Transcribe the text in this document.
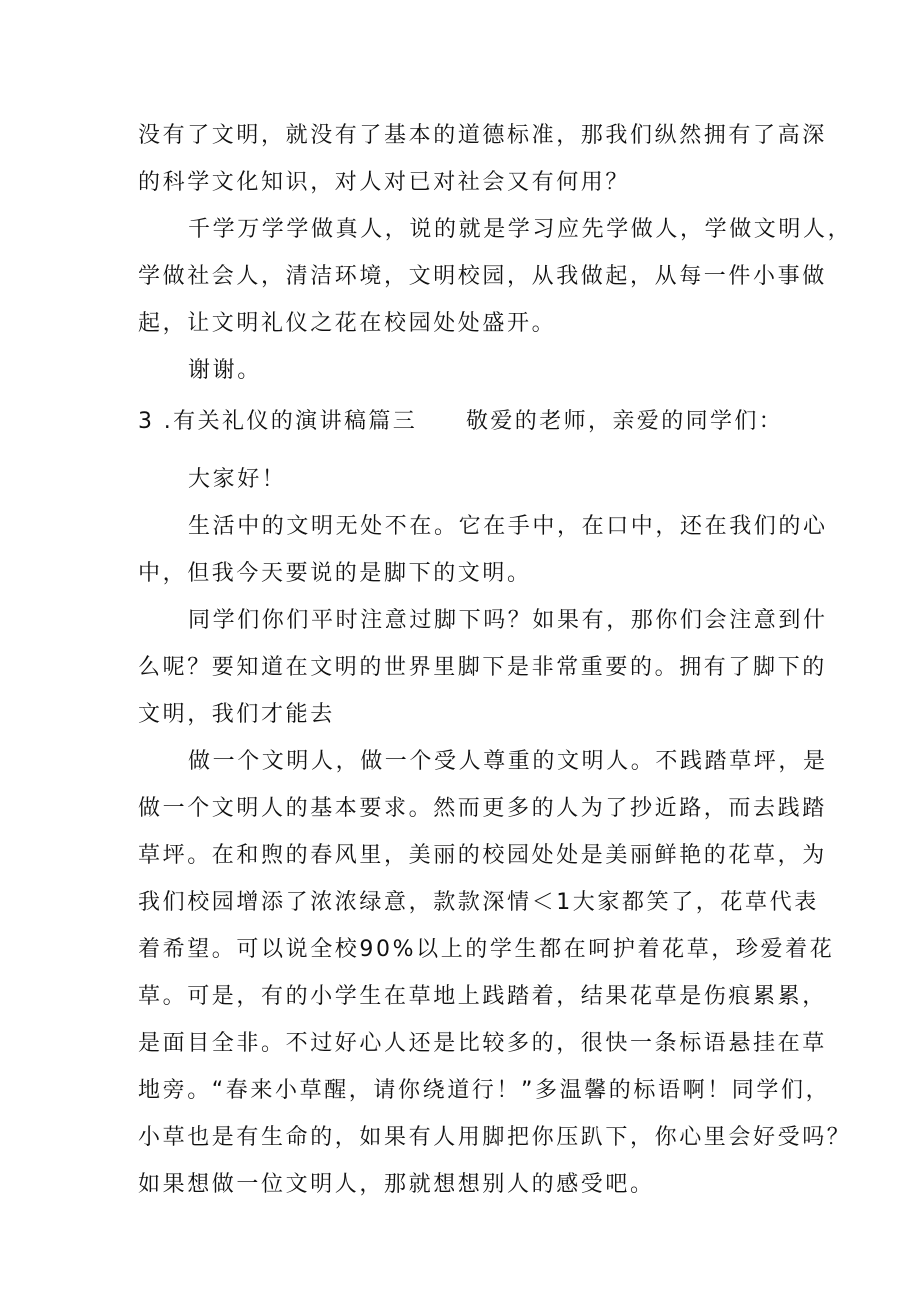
没有了文明，就没有了基本的道德标准，那我们纵然拥有了高深
的科学文化知识，对人对已对社会又有何用？
千学万学学做真人，说的就是学习应先学做人，学做文明人，
学做社会人，清洁环境，文明校园，从我做起，从每一件小事做
起，让文明礼仪之花在校园处处盛开。
谢谢。
3 .有关礼仪的演讲稿篇三	敬爱的老师，亲爱的同学们：
大家好！
生活中的文明无处不在。它在手中，在口中，还在我们的心
中，但我今天要说的是脚下的文明。
同学们你们平时注意过脚下吗？如果有，那你们会注意到什
么呢？要知道在文明的世界里脚下是非常重要的。拥有了脚下的
文明，我们才能去
做一个文明人，做一个受人尊重的文明人。不践踏草坪，是
做一个文明人的基本要求。然而更多的人为了抄近路，而去践踏
草坪。在和煦的春风里，美丽的校园处处是美丽鲜艳的花草，为
我们校园增添了浓浓绿意，款款深情＜1大家都笑了，花草代表
着希望。可以说全校90%以上的学生都在呵护着花草，珍爱着花
草。可是，有的小学生在草地上践踏着，结果花草是伤痕累累，
是面目全非。不过好心人还是比较多的，很快一条标语悬挂在草
地旁。“春来小草醒，请你绕道行！”多温馨的标语啊！同学们，
小草也是有生命的，如果有人用脚把你压趴下，你心里会好受吗？
如果想做一位文明人，那就想想别人的感受吧。
